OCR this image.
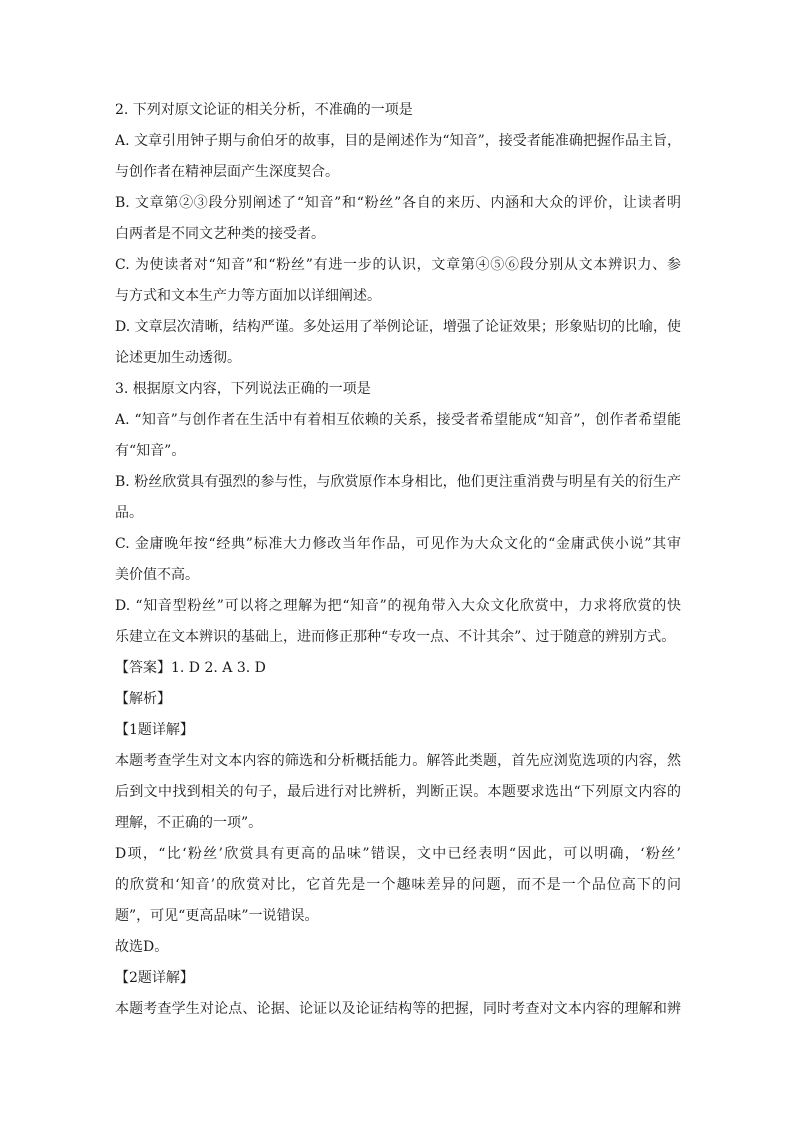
2. 下列对原文论证的相关分析，不准确的一项是
A. 文章引用钟子期与俞伯牙的故事，目的是阐述作为“知音”，接受者能准确把握作品主旨，
与创作者在精神层面产生深度契合。
B. 文章第②③段分别阐述了“知音”和“粉丝”各自的来历、内涵和大众的评价，让读者明
白两者是不同文艺种类的接受者。
C. 为使读者对“知音”和“粉丝”有进一步的认识，文章第④⑤⑥段分别从文本辨识力、参
与方式和文本生产力等方面加以详细阐述。
D. 文章层次清晰，结构严谨。多处运用了举例论证，增强了论证效果；形象贴切的比喻，使
论述更加生动透彻。
3. 根据原文内容，下列说法正确的一项是
A. “知音”与创作者在生活中有着相互依赖的关系，接受者希望能成“知音”，创作者希望能
有“知音”。
B. 粉丝欣赏具有强烈的参与性，与欣赏原作本身相比，他们更注重消费与明星有关的衍生产
品。
C. 金庸晚年按“经典”标准大力修改当年作品，可见作为大众文化的“金庸武侠小说”其审
美价值不高。
D. “知音型粉丝”可以将之理解为把“知音”的视角带入大众文化欣赏中，力求将欣赏的快
乐建立在文本辨识的基础上，进而修正那种“专攻一点、不计其余”、过于随意的辨别方式。
【答案】1. D 2. A 3. D
【解析】
【1题详解】
本题考查学生对文本内容的筛选和分析概括能力。解答此类题，首先应浏览选项的内容，然
后到文中找到相关的句子，最后进行对比辨析，判断正误。本题要求选出“下列原文内容的
理解，不正确的一项”。
D项，“比‘粉丝’欣赏具有更高的品味”错误，文中已经表明“因此，可以明确，‘粉丝’
的欣赏和‘知音’的欣赏对比，它首先是一个趣味差异的问题，而不是一个品位高下的问
题”，可见“更高品味”一说错误。
故选D。
【2题详解】
本题考查学生对论点、论据、论证以及论证结构等的把握，同时考查对文本内容的理解和辨
